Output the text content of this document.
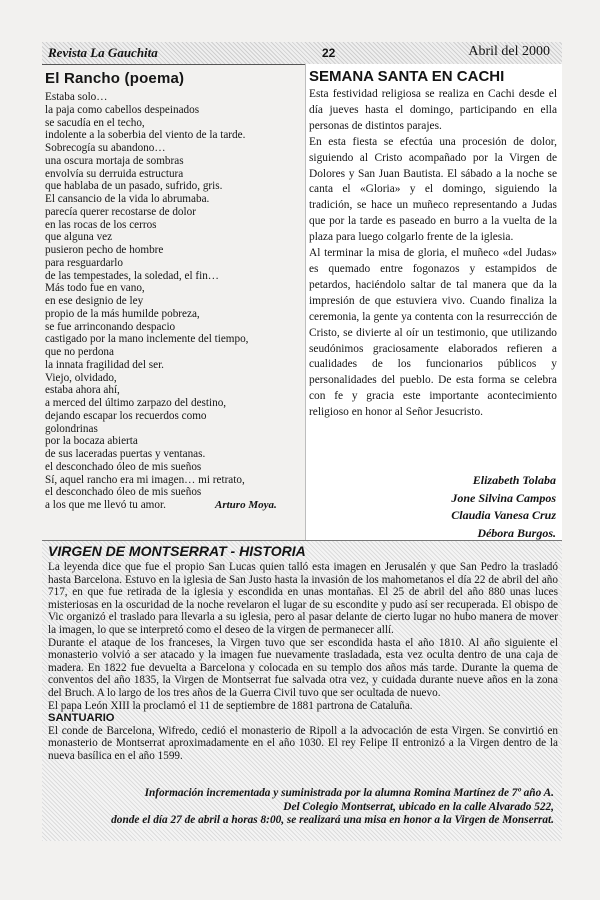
Revista La Gauchita	22	Abril del 2000
El Rancho (poema)
Estaba solo…
la paja como cabellos despeinados
se sacudía en el techo,
indolente a la soberbia del viento de la tarde.
Sobrecogía su abandono…
una oscura mortaja de sombras
envolvía su derruida estructura
que hablaba de un pasado, sufrido, gris.
El cansancio de la vida lo abrumaba.
parecía querer recostarse de dolor
en las rocas de los cerros
que alguna vez
pusieron pecho de hombre
para resguardarlo
de las tempestades, la soledad, el fin…
Más todo fue en vano,
en ese designio de ley
propio de la más humilde pobreza,
se fue arrinconando despacio
castigado por la mano inclemente del tiempo,
que no perdona
la innata fragilidad del ser.
Viejo, olvidado,
estaba ahora ahí,
a merced del último zarpazo del destino,
dejando escapar los recuerdos como
golondrinas
por la bocaza abierta
de sus laceradas puertas y ventanas.
el desconchado óleo de mis sueños
Sí, aquel rancho era mi imagen… mi retrato,
el desconchado óleo de mis sueños
a los que me llevó tu amor.	Arturo Moya.
SEMANA SANTA EN CACHI

Esta festividad religiosa se realiza en Cachi desde el día jueves hasta el domingo, participando en ella personas de distintos parajes.

En esta fiesta se efectúa una procesión de dolor, siguiendo al Cristo acompañado por la Virgen de Dolores y San Juan Bautista. El sábado a la noche se canta el «Gloria» y el domingo, siguiendo la tradición, se hace un muñeco representando a Judas que por la tarde es paseado en burro a la vuelta de la plaza para luego colgarlo frente de la iglesia.

Al terminar la misa de gloria, el muñeco «del Judas» es quemado entre fogonazos y estampidos de petardos, haciéndolo saltar de tal manera que da la impresión de que estuviera vivo. Cuando finaliza la ceremonia, la gente ya contenta con la resurrección de Cristo, se divierte al oír un testimonio, que utilizando seudónimos graciosamente elaborados refieren a cualidades de los funcionarios públicos y personalidades del pueblo. De esta forma se celebra con fe y gracia este importante acontecimiento religioso en honor al Señor Jesucristo.

Elizabeth Tolaba
Jone Silvina Campos
Claudia Vanesa Cruz
Débora Burgos.
VIRGEN DE MONTSERRAT - HISTORIA

La leyenda dice que fue el propio San Lucas quien talló esta imagen en Jerusalén y que San Pedro la trasladó hasta Barcelona. Estuvo en la iglesia de San Justo hasta la invasión de los mahometanos el día 22 de abril del año 717, en que fue retirada de la iglesia y escondida en unas montañas. El 25 de abril del año 880 unas luces misteriosas en la oscuridad de la noche revelaron el lugar de su escondite y pudo así ser recuperada. El obispo de Vic organizó el traslado para llevarla a su iglesia, pero al pasar delante de cierto lugar no hubo manera de mover la imagen, lo que se interpretó como el deseo de la virgen de permanecer allí.

Durante el ataque de los franceses, la Virgen tuvo que ser escondida hasta el año 1810. Al año siguiente el monasterio volvió a ser atacado y la imagen fue nuevamente trasladada, esta vez oculta dentro de una caja de madera. En 1822 fue devuelta a Barcelona y colocada en su templo dos años más tarde. Durante la quema de conventos del año 1835, la Virgen de Montserrat fue salvada otra vez, y cuidada durante nueve años en la zona del Bruch. A lo largo de los tres años de la Guerra Civil tuvo que ser ocultada de nuevo.

El papa León XIII la proclamó el 11 de septiembre de 1881 partrona de Cataluña.

SANTUARIO

El conde de Barcelona, Wifredo, cedió el monasterio de Ripoll a la advocación de esta Virgen. Se convirtió en monasterio de Montserrat aproximadamente en el año 1030. El rey Felipe II entronizó a la Virgen dentro de la nueva basílica en el año 1599.

Información incrementada y suministrada por la alumna Romina Martínez de 7º año A.
Del Colegio Montserrat, ubicado en la calle Alvarado 522,
donde el día 27 de abril a horas 8:00, se realizará una misa en honor a la Virgen de Monserrat.
